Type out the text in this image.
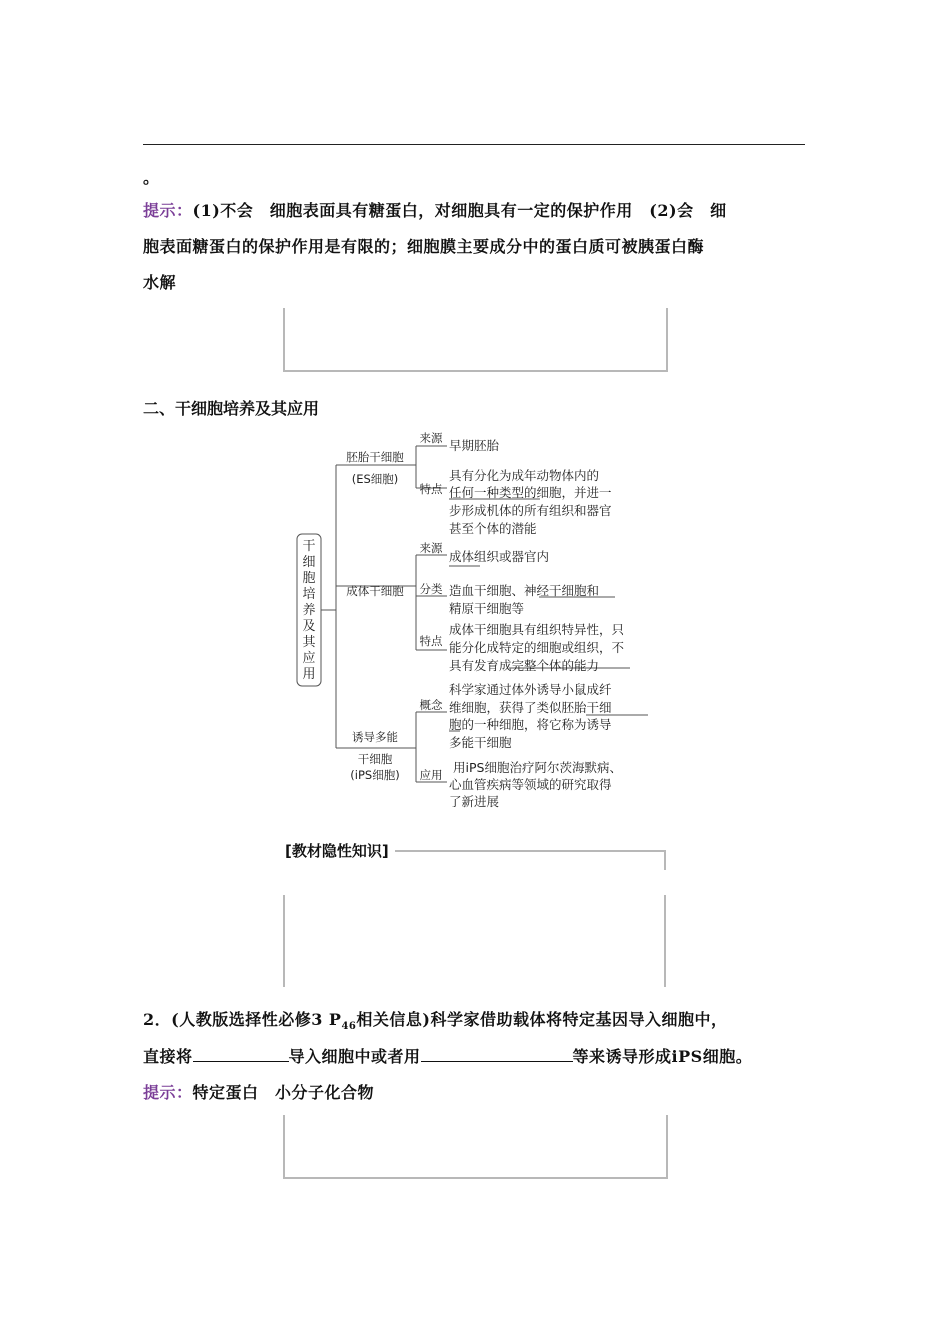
。
提示：(1)不会　细胞表面具有糖蛋白，对细胞具有一定的保护作用　(2)会　细
胞表面糖蛋白的保护作用是有限的；细胞膜主要成分中的蛋白质可被胰蛋白酶
水解
二、干细胞培养及其应用
干
细
胞
培
养
及
其
应
用
胚胎干细胞
(ES细胞)
成体干细胞
诱导多能
干细胞
(iPS细胞)
来源
特点
来源
分类
特点
概念
应用
早期胚胎
具有分化为成年动物体内的
任何一种类型的细胞，并进一
步形成机体的所有组织和器官
甚至个体的潜能
成体组织或器官内
造血干细胞、神经干细胞和
精原干细胞等
成体干细胞具有组织特异性，只
能分化成特定的细胞或组织，不
具有发育成完整个体的能力
科学家通过体外诱导小鼠成纤
维细胞，获得了类似胚胎干细
胞的一种细胞，将它称为诱导
多能干细胞
用iPS细胞治疗阿尔茨海默病、
心血管疾病等领域的研究取得
了新进展
[教材隐性知识]
2．(人教版选择性必修3 $P_{46}$相关信息)科学家借助载体将特定基因导入细胞中，
直接将	导入细胞中或者用	等来诱导形成iPS细胞。
提示：特定蛋白　小分子化合物
